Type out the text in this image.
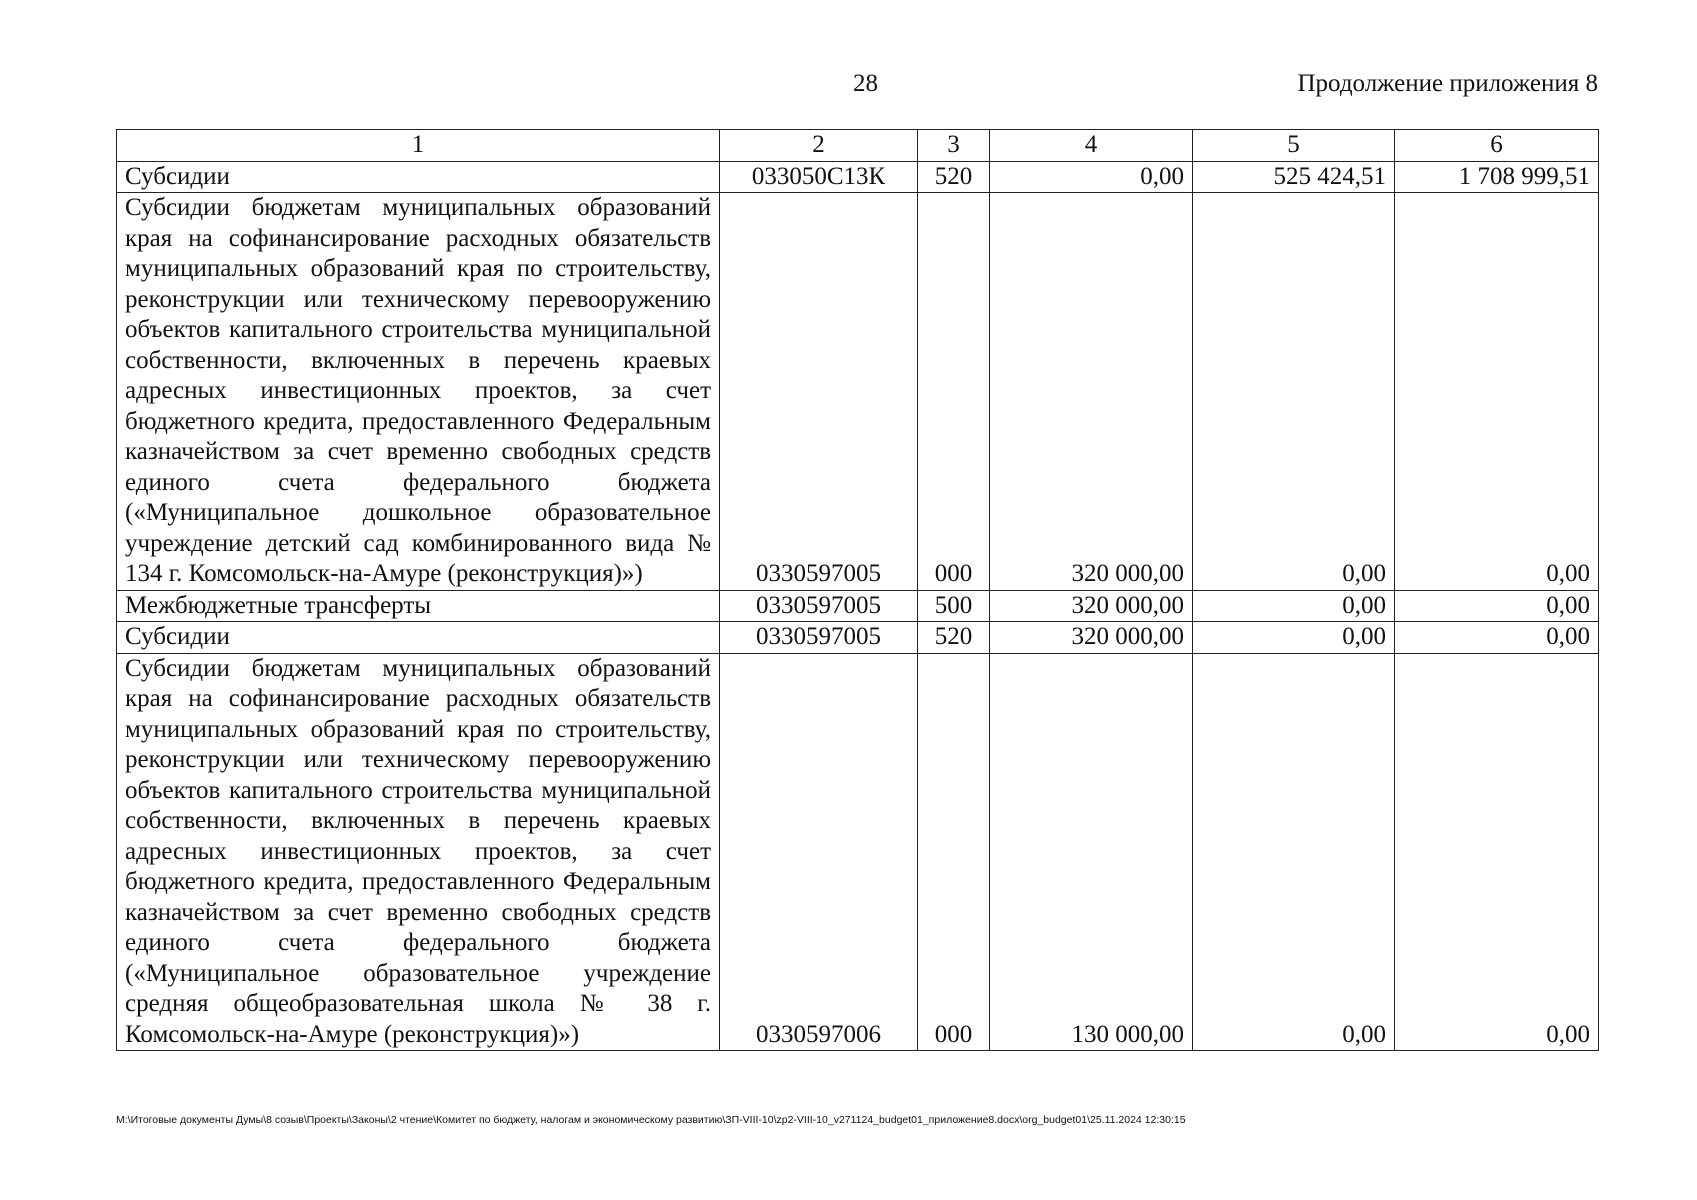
28	Продолжение приложения 8
1	2	3	4	5	6
Субсидии	033050С13К	520	0,00	525 424,51	1 708 999,51

Субсидии бюджетам муниципальных образований края на софинансирование расходных обязательств муниципальных образований края по строительству, реконструкции или техническому перевооружению объектов капитального строительства муниципальной собственности, включенных в перечень краевых адресных инвестиционных проектов, за счет бюджетного кредита, предоставленного Федеральным казначейством за счет временно свободных средств единого счета федерального бюджета («Муниципальное дошкольное образовательное учреждение детский сад комбинированного вида № 134 г. Комсомольск-на-Амуре (реконструкция)»)	0330597005	000	320 000,00	0,00	0,00
Межбюджетные трансферты	0330597005	500	320 000,00	0,00	0,00
Субсидии	0330597005	520	320 000,00	0,00	0,00

Субсидии бюджетам муниципальных образований края на софинансирование расходных обязательств муниципальных образований края по строительству, реконструкции или техническому перевооружению объектов капитального строительства муниципальной собственности, включенных в перечень краевых адресных инвестиционных проектов, за счет бюджетного кредита, предоставленного Федеральным казначейством за счет временно свободных средств единого счета федерального бюджета («Муниципальное образовательное учреждение средняя общеобразовательная школа № 38 г. Комсомольск-на-Амуре (реконструкция)»)	0330597006	000	130 000,00	0,00	0,00
M:\Итоговые документы Думы\8 созыв\Проекты\Законы\2 чтение\Комитет по бюджету, налогам и экономическому развитию\ЗП-VIII-10\zp2-VIII-10_v271124_budget01_приложение8.docx\org_budget01\25.11.2024 12:30:15
